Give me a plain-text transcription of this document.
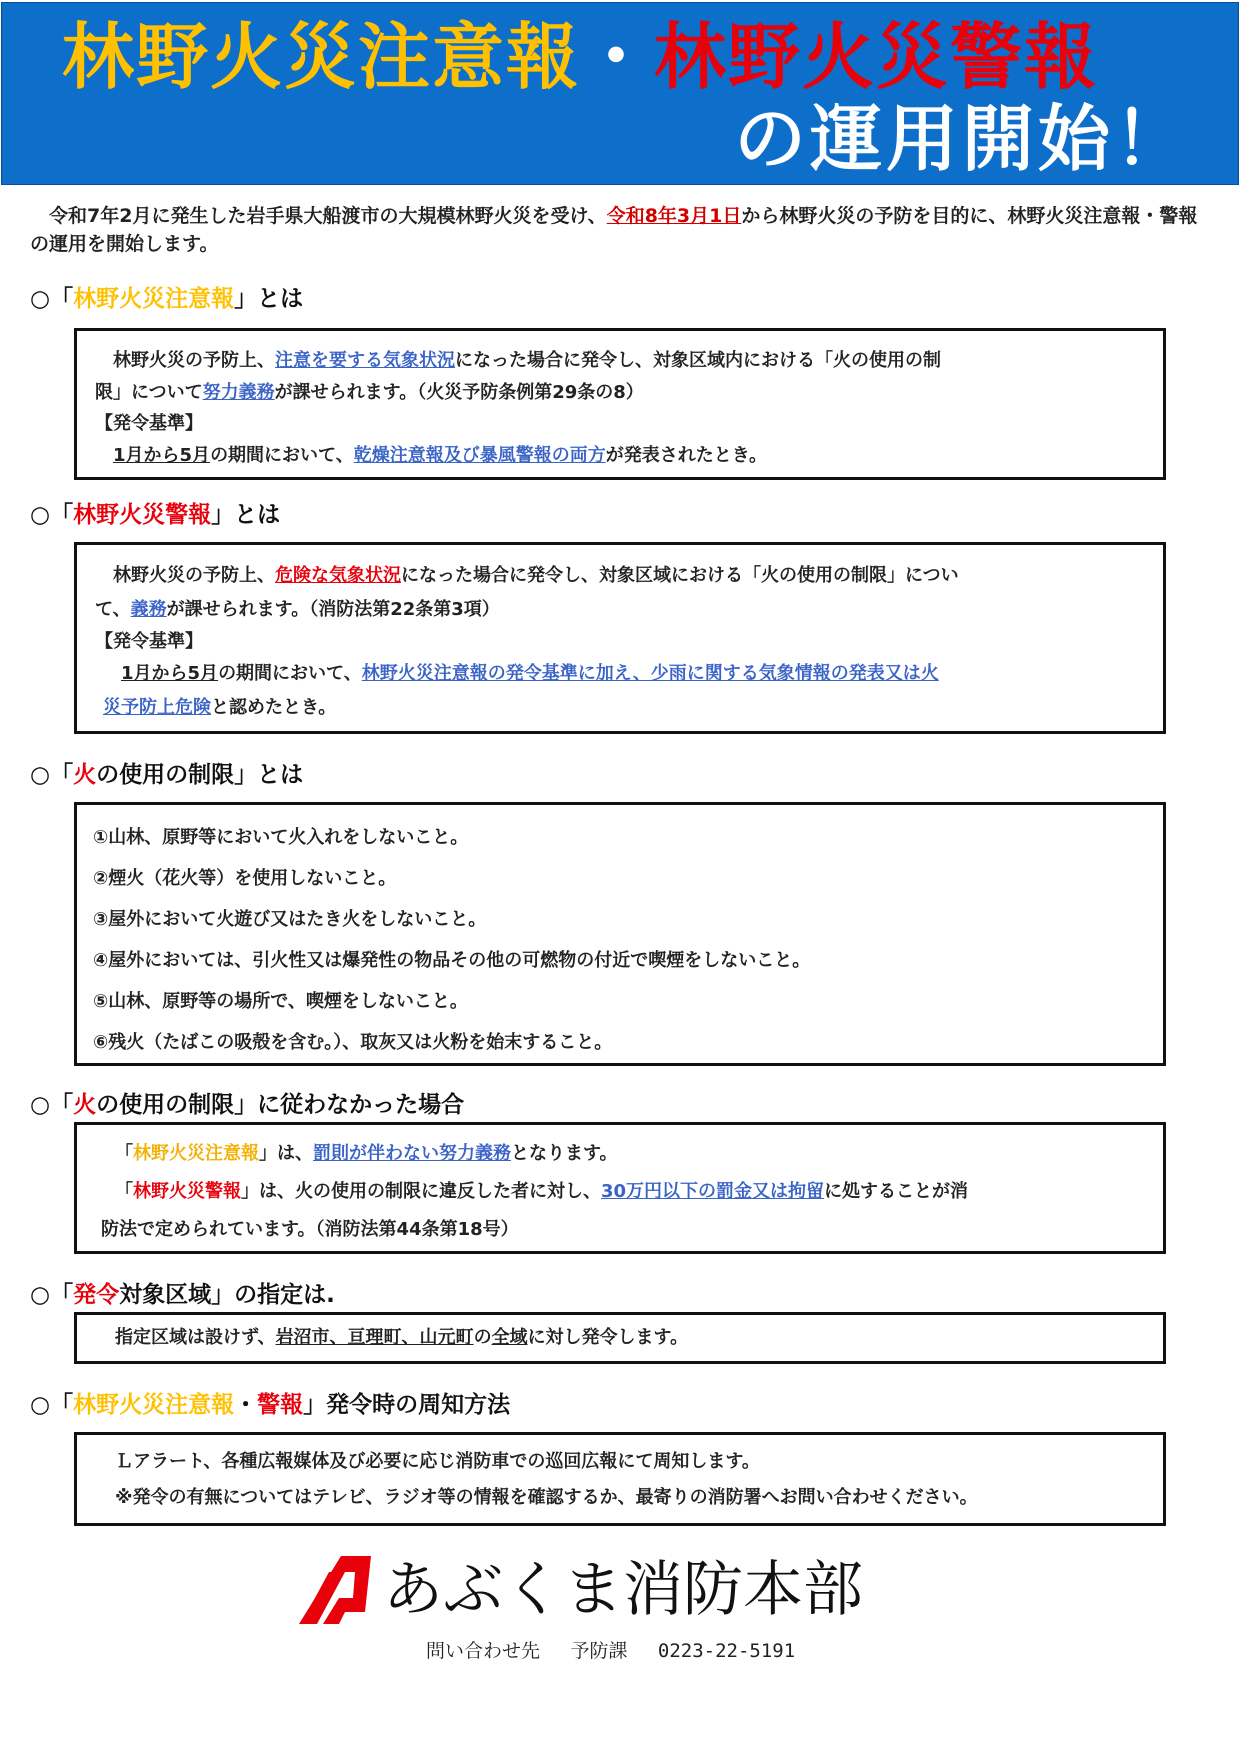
林野火災注意報・林野火災警報
の運用開始！
　令和7年2月に発生した岩手県大船渡市の大規模林野火災を受け、令和8年3月1日から林野火災の予防を目的に、林野火災注意報・警報の運用を開始します。
○「林野火災注意報」とは

　林野火災の予防上、注意を要する気象状況になった場合に発令し、対象区域内における「火の使用の制

限」について努力義務が課せられます。（火災予防条例第29条の8）

【発令基準】

1月から5月の期間において、乾燥注意報及び暴風警報の両方が発表されたとき。

○「林野火災警報」とは

　林野火災の予防上、危険な気象状況になった場合に発令し、対象区域における「火の使用の制限」につい

て、義務が課せられます。（消防法第22条第3項）

【発令基準】

1月から5月の期間において、林野火災注意報の発令基準に加え、少雨に関する気象情報の発表又は火

災予防上危険と認めたとき。

○「火の使用の制限」とは

①山林、原野等において火入れをしないこと。

②煙火（花火等）を使用しないこと。

③屋外において火遊び又はたき火をしないこと。

④屋外においては、引火性又は爆発性の物品その他の可燃物の付近で喫煙をしないこと。

⑤山林、原野等の場所で、喫煙をしないこと。

⑥残火（たばこの吸殻を含む。）、取灰又は火粉を始末すること。

○「火の使用の制限」に従わなかった場合

「林野火災注意報」は、罰則が伴わない努力義務となります。

「林野火災警報」は、火の使用の制限に違反した者に対し、30万円以下の罰金又は拘留に処することが消

防法で定められています。（消防法第44条第18号）

○「発令対象区域」の指定は.

指定区域は設けず、岩沼市、亘理町、山元町の全域に対し発令します。

○「林野火災注意報・警報」発令時の周知方法

Ｌアラート、各種広報媒体及び必要に応じ消防車での巡回広報にて周知します。

※発令の有無についてはテレビ、ラジオ等の情報を確認するか、最寄りの消防署へお問い合わせください。

あぶくま消防本部
問い合わせ先　 予防課　 0223-22-5191
